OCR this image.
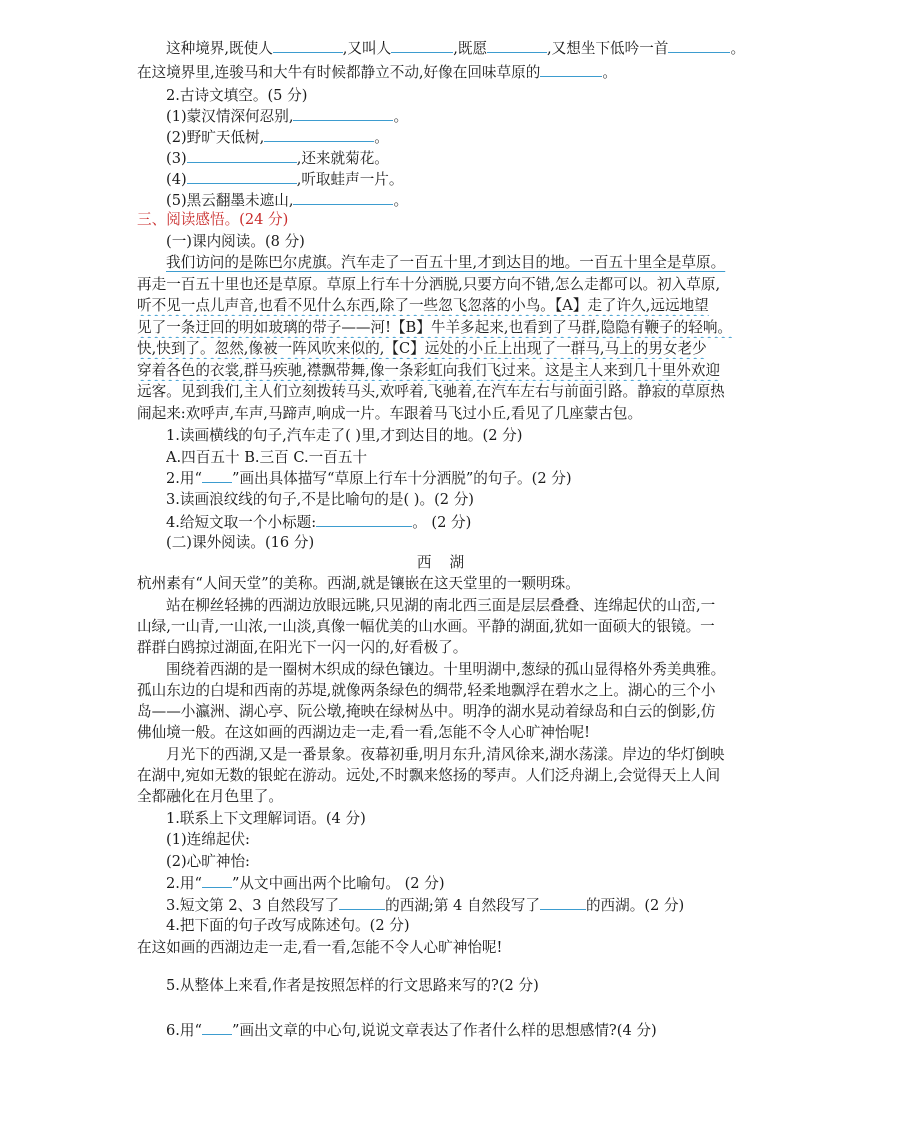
这种境界,既使人	,又叫人	,既愿	,又想坐下低吟一首	。
在这境界里,连骏马和大牛有时候都静立不动,好像在回味草原的	。
2.古诗文填空。(5 分)
(1)蒙汉情深何忍别,	。
(2)野旷天低树,	。
(3)	,还来就菊花。
(4)	,听取蛙声一片。
(5)黑云翻墨未遮山,	。
三、阅读感悟。(24 分)
(一)课内阅读。(8 分)
我们访问的是陈巴尔虎旗。汽车走了一百五十里,才到达目的地。一百五十里全是草原。
再走一百五十里也还是草原。草原上行车十分洒脱,只要方向不错,怎么走都可以。初入草原,
听不见一点儿声音,也看不见什么东西,除了一些忽飞忽落的小鸟。【A】走了许久,远远地望
见了一条迂回的明如玻璃的带子——河!【B】牛羊多起来,也看到了马群,隐隐有鞭子的轻响。
快,快到了。忽然,像被一阵风吹来似的,【C】远处的小丘上出现了一群马,马上的男女老少
穿着各色的衣裳,群马疾驰,襟飘带舞,像一条彩虹向我们飞过来。这是主人来到几十里外欢迎
远客。见到我们,主人们立刻拨转马头,欢呼着,飞驰着,在汽车左右与前面引路。静寂的草原热
闹起来:欢呼声,车声,马蹄声,响成一片。车跟着马飞过小丘,看见了几座蒙古包。
1.读画横线的句子,汽车走了( )里,才到达目的地。(2 分)
A.四百五十 B.三百 C.一百五十
2.用“ ”画出具体描写“草原上行车十分洒脱”的句子。(2 分)
3.读画浪纹线的句子,不是比喻句的是( )。(2 分)
4.给短文取一个小标题:	。 (2 分)
(二)课外阅读。(16 分)
西湖
杭州素有“人间天堂”的美称。西湖,就是镶嵌在这天堂里的一颗明珠。
站在柳丝轻拂的西湖边放眼远眺,只见湖的南北西三面是层层叠叠、连绵起伏的山峦,一
山绿,一山青,一山浓,一山淡,真像一幅优美的山水画。平静的湖面,犹如一面硕大的银镜。一
群群白鸥掠过湖面,在阳光下一闪一闪的,好看极了。
围绕着西湖的是一圈树木织成的绿色镶边。十里明湖中,葱绿的孤山显得格外秀美典雅。
孤山东边的白堤和西南的苏堤,就像两条绿色的绸带,轻柔地飘浮在碧水之上。湖心的三个小
岛——小瀛洲、湖心亭、阮公墩,掩映在绿树丛中。明净的湖水晃动着绿岛和白云的倒影,仿
佛仙境一般。在这如画的西湖边走一走,看一看,怎能不令人心旷神怡呢!
月光下的西湖,又是一番景象。夜幕初垂,明月东升,清风徐来,湖水荡漾。岸边的华灯倒映
在湖中,宛如无数的银蛇在游动。远处,不时飘来悠扬的琴声。人们泛舟湖上,会觉得天上人间
全都融化在月色里了。
1.联系上下文理解词语。(4 分)
(1)连绵起伏:
(2)心旷神怡:
2.用“ ”从文中画出两个比喻句。 (2 分)
3.短文第 2、3 自然段写了	的西湖;第 4 自然段写了	的西湖。(2 分)
4.把下面的句子改写成陈述句。(2 分)
在这如画的西湖边走一走,看一看,怎能不令人心旷神怡呢!
5.从整体上来看,作者是按照怎样的行文思路来写的?(2 分)
6.用“ ”画出文章的中心句,说说文章表达了作者什么样的思想感情?(4 分)
